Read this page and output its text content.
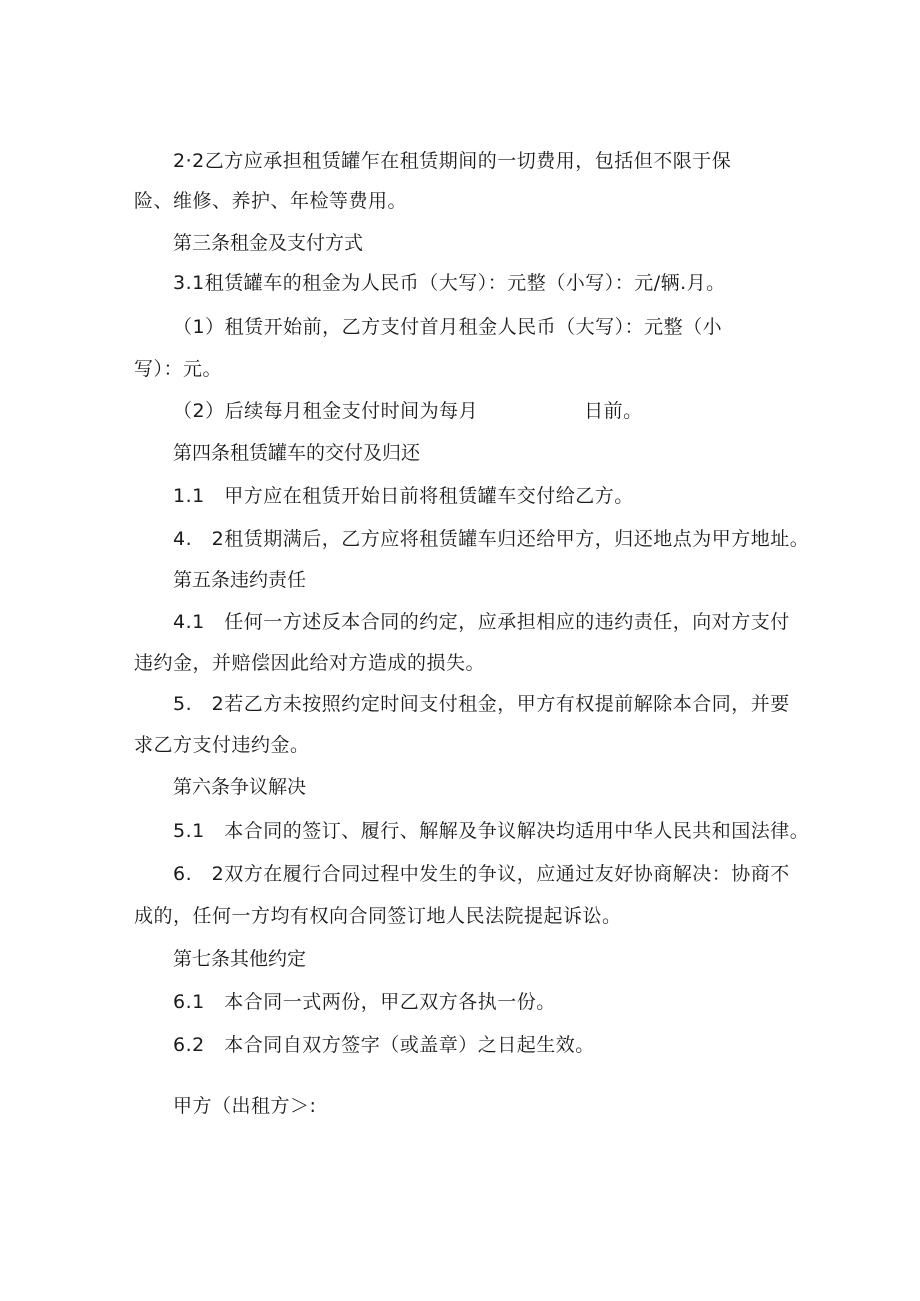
2·2乙方应承担租赁罐乍在租赁期间的一切费用，包括但不限于保
险、维修、养护、年检等费用。
第三条租金及支付方式
3.1租赁罐车的租金为人民币（大写）：元整（小写）：元/辆.月。
（1）租赁开始前，乙方支付首月租金人民币（大写）：元整（小
写）：元。
（2）后续每月租金支付时间为每月	日前。
第四条租赁罐车的交付及归还
1.1　甲方应在租赁开始日前将租赁罐车交付给乙方。
4.　2租赁期满后，乙方应将租赁罐车归还给甲方，归还地点为甲方地址。
第五条违约责任
4.1　任何一方述反本合同的约定，应承担相应的违约责任，向对方支付
违约金，并赔偿因此给对方造成的损失。
5.　2若乙方未按照约定时间支付租金，甲方有权提前解除本合同，并要
求乙方支付违约金。
第六条争议解决
5.1　本合同的签订、履行、解解及争议解决均适用中华人民共和国法律。
6.　2双方在履行合同过程中发生的争议，应通过友好协商解决：协商不
成的，任何一方均有权向合同签订地人民法院提起诉讼。
第七条其他约定
6.1　本合同一式两份，甲乙双方各执一份。
6.2　本合同自双方签字（或盖章）之日起生效。
甲方（出租方＞:
